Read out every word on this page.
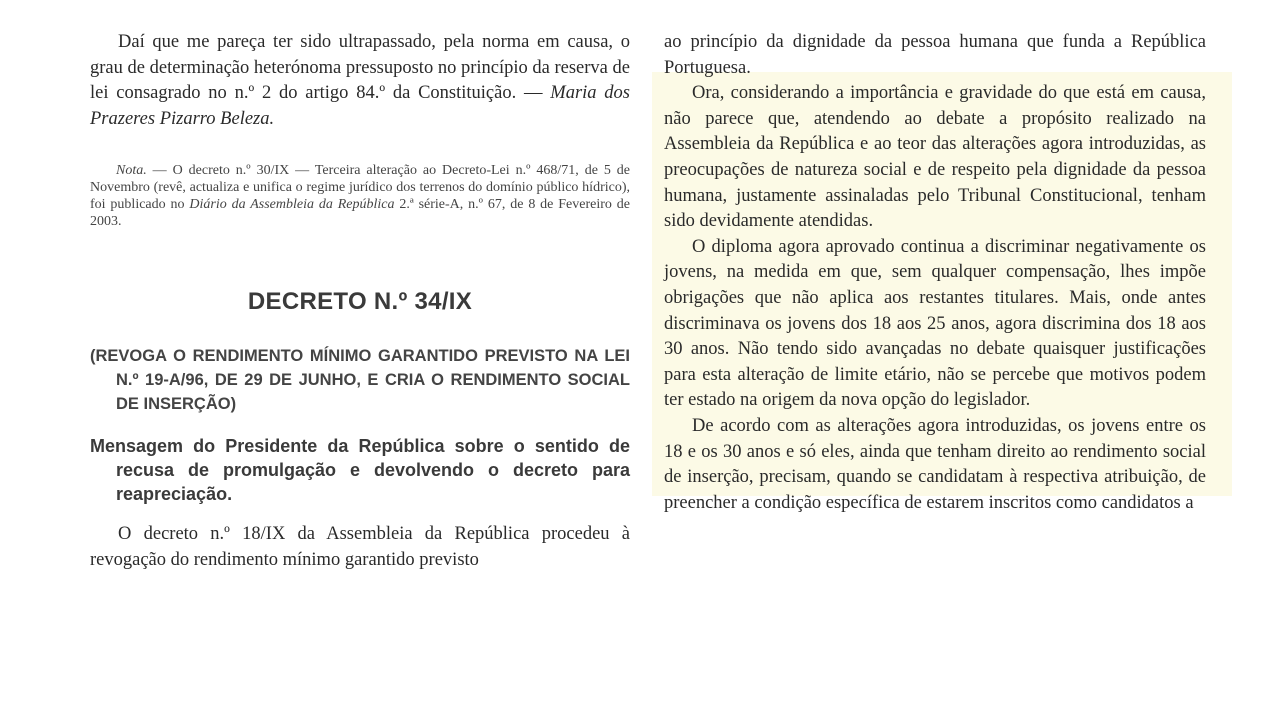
Daí que me pareça ter sido ultrapassado, pela norma em causa, o grau de determinação heterónoma pressuposto no princípio da reserva de lei consagrado no n.º 2 do artigo 84.º da Constituição. — Maria dos Prazeres Pizarro Beleza.

Nota. — O decreto n.º 30/IX — Terceira alteração ao Decreto-Lei n.º 468/71, de 5 de Novembro (revê, actualiza e unifica o regime jurídico dos terrenos do domínio público hídrico), foi publicado no Diário da Assembleia da República 2.ª série-A, n.º 67, de 8 de Fevereiro de 2003.

DECRETO N.º 34/IX

(REVOGA O RENDIMENTO MÍNIMO GARANTIDO PREVISTO NA LEI N.º 19-A/96, DE 29 DE JUNHO, E CRIA O RENDIMENTO SOCIAL DE INSERÇÃO)

Mensagem do Presidente da República sobre o sentido de recusa de promulgação e devolvendo o decreto para reapreciação.

O decreto n.º 18/IX da Assembleia da República procedeu à revogação do rendimento mínimo garantido previsto

ao princípio da dignidade da pessoa humana que funda a República Portuguesa.

Ora, considerando a importância e gravidade do que está em causa, não parece que, atendendo ao debate a propósito realizado na Assembleia da República e ao teor das alterações agora introduzidas, as preocupações de natureza social e de respeito pela dignidade da pessoa humana, justamente assinaladas pelo Tribunal Constitucional, tenham sido devidamente atendidas.

O diploma agora aprovado continua a discriminar negativamente os jovens, na medida em que, sem qualquer compensação, lhes impõe obrigações que não aplica aos restantes titulares. Mais, onde antes discriminava os jovens dos 18 aos 25 anos, agora discrimina dos 18 aos 30 anos. Não tendo sido avançadas no debate quaisquer justificações para esta alteração de limite etário, não se percebe que motivos podem ter estado na origem da nova opção do legislador.

De acordo com as alterações agora introduzidas, os jovens entre os 18 e os 30 anos e só eles, ainda que tenham direito ao rendimento social de inserção, precisam, quando se candidatam à respectiva atribuição, de preencher a condição específica de estarem inscritos como candidatos a
